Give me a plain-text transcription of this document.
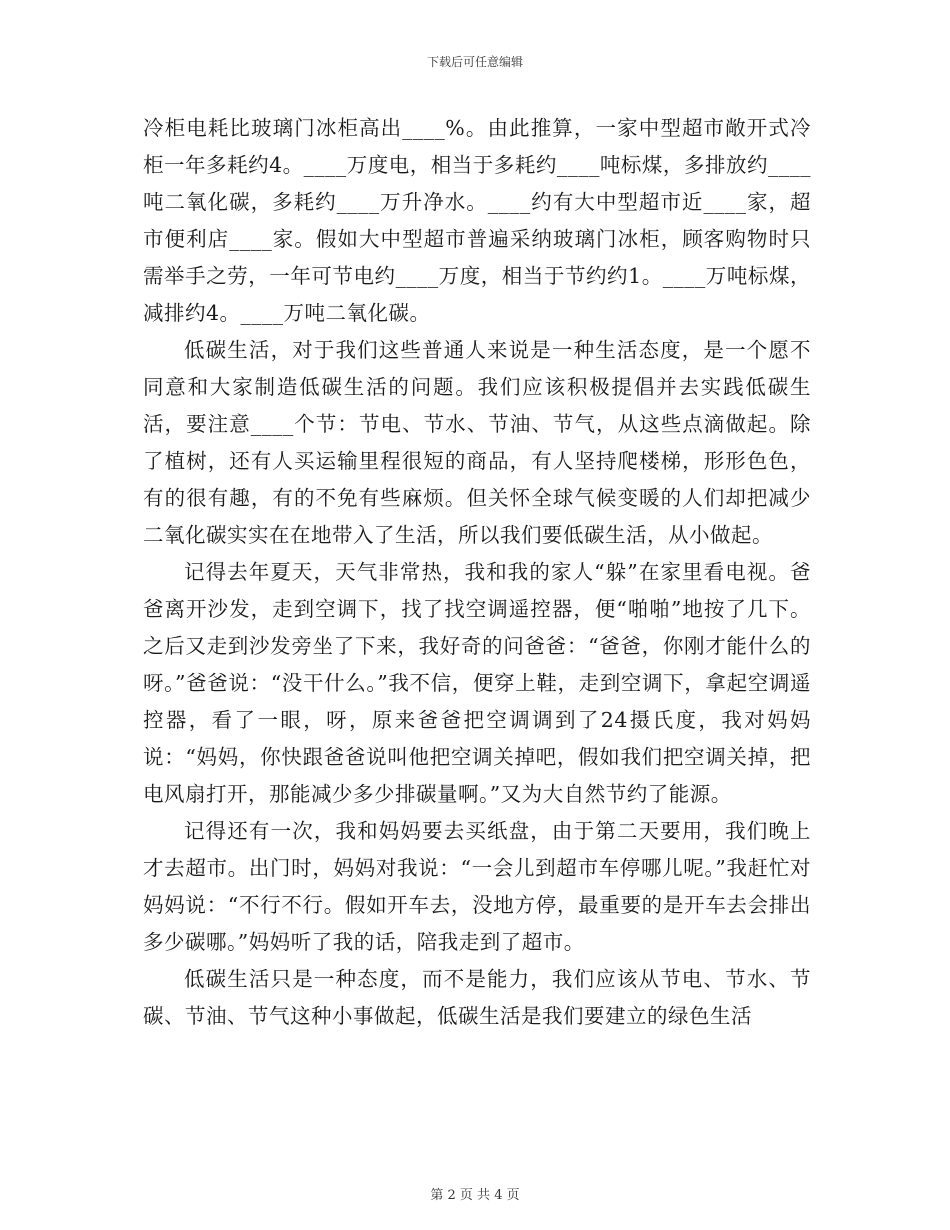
下载后可任意编辑

冷柜电耗比玻璃门冰柜高出____%。由此推算，一家中型超市敞开式冷柜一年多耗约4。____万度电，相当于多耗约____吨标煤，多排放约____吨二氧化碳，多耗约____万升净水。____约有大中型超市近____家，超市便利店____家。假如大中型超市普遍采纳玻璃门冰柜，顾客购物时只需举手之劳，一年可节电约____万度，相当于节约约1。____万吨标煤，减排约4。____万吨二氧化碳。

低碳生活，对于我们这些普通人来说是一种生活态度，是一个愿不同意和大家制造低碳生活的问题。我们应该积极提倡并去实践低碳生活，要注意____个节：节电、节水、节油、节气，从这些点滴做起。除了植树，还有人买运输里程很短的商品，有人坚持爬楼梯，形形色色，有的很有趣，有的不免有些麻烦。但关怀全球气候变暖的人们却把减少二氧化碳实实在在地带入了生活，所以我们要低碳生活，从小做起。

记得去年夏天，天气非常热，我和我的家人“躲”在家里看电视。爸爸离开沙发，走到空调下，找了找空调遥控器，便“啪啪”地按了几下。之后又走到沙发旁坐了下来，我好奇的问爸爸：“爸爸，你刚才能什么的呀。”爸爸说：“没干什么。”我不信，便穿上鞋，走到空调下，拿起空调遥控器，看了一眼，呀，原来爸爸把空调调到了24摄氏度，我对妈妈说：“妈妈，你快跟爸爸说叫他把空调关掉吧，假如我们把空调关掉，把电风扇打开，那能减少多少排碳量啊。”又为大自然节约了能源。

记得还有一次，我和妈妈要去买纸盘，由于第二天要用，我们晚上才去超市。出门时，妈妈对我说：“一会儿到超市车停哪儿呢。”我赶忙对妈妈说：“不行不行。假如开车去，没地方停，最重要的是开车去会排出多少碳哪。”妈妈听了我的话，陪我走到了超市。

低碳生活只是一种态度，而不是能力，我们应该从节电、节水、节碳、节油、节气这种小事做起，低碳生活是我们要建立的绿色生活

第 2 页 共 4 页
